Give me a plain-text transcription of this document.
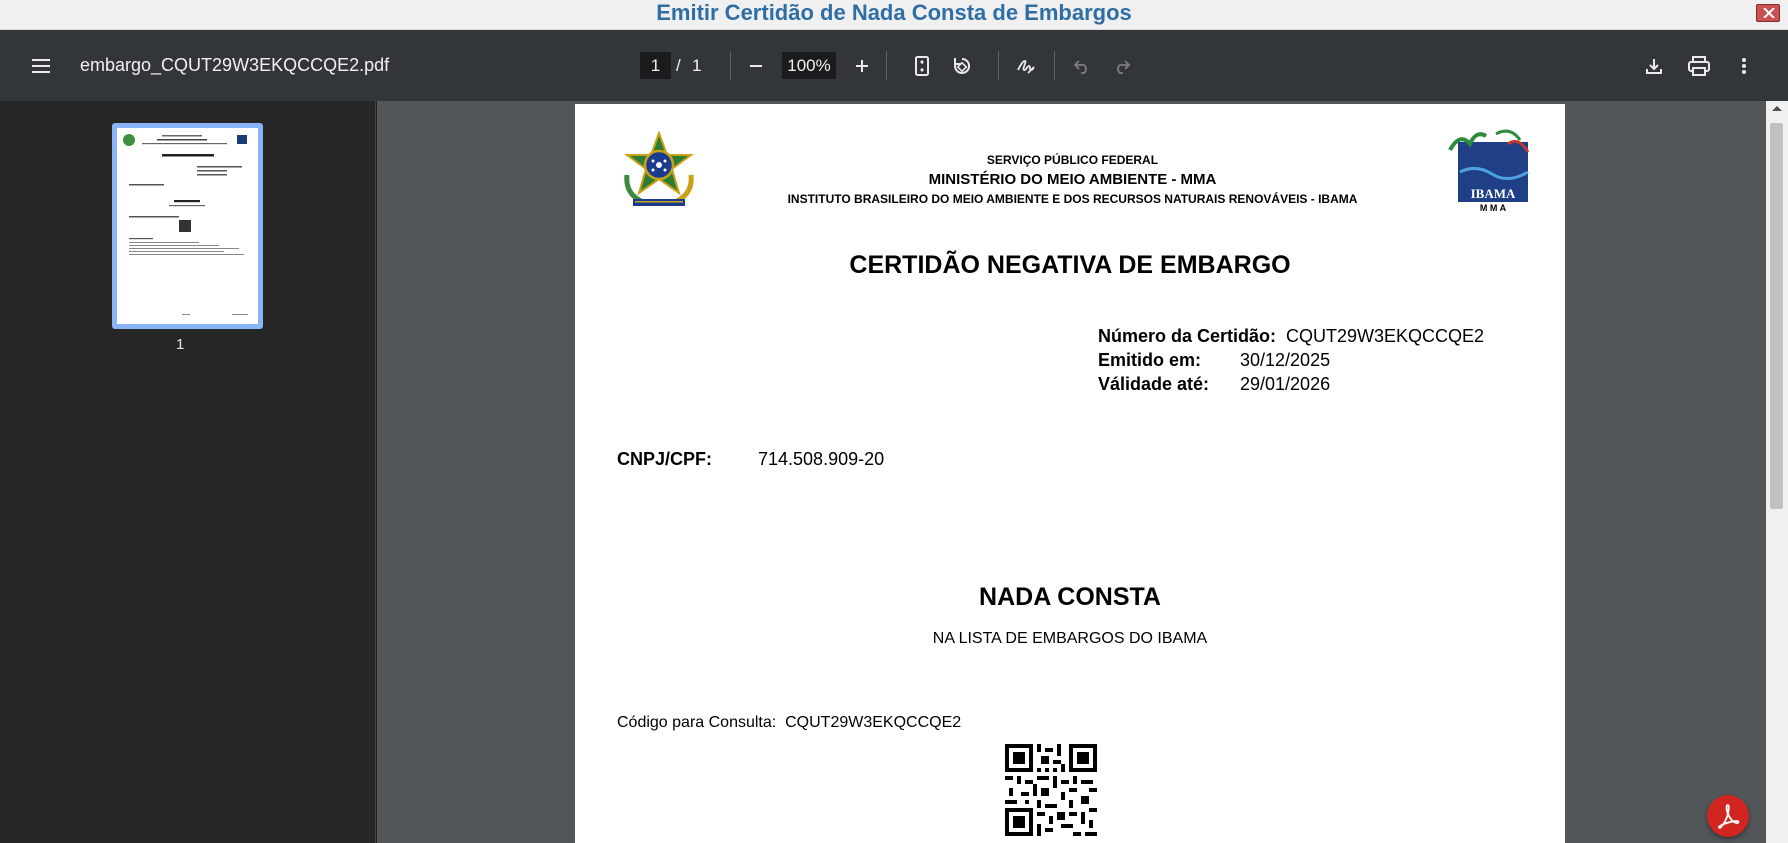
Emitir Certidão de Nada Consta de Embargos
embargo_CQUT29W3EKQCCQE2.pdf	1 / 1	100%
1
SERVIÇO PÚBLICO FEDERAL
MINISTÉRIO DO MEIO AMBIENTE - MMA
INSTITUTO BRASILEIRO DO MEIO AMBIENTE E DOS RECURSOS NATURAIS RENOVÁVEIS - IBAMA	IBAMA
M M A
CERTIDÃO NEGATIVA DE EMBARGO
Número da Certidão: CQUT29W3EKQCCQE2
Emitido em: 30/12/2025
Válidade até: 29/01/2026
CNPJ/CPF:	714.508.909-20
NADA CONSTA
NA LISTA DE EMBARGOS DO IBAMA
Código para Consulta: CQUT29W3EKQCCQE2
